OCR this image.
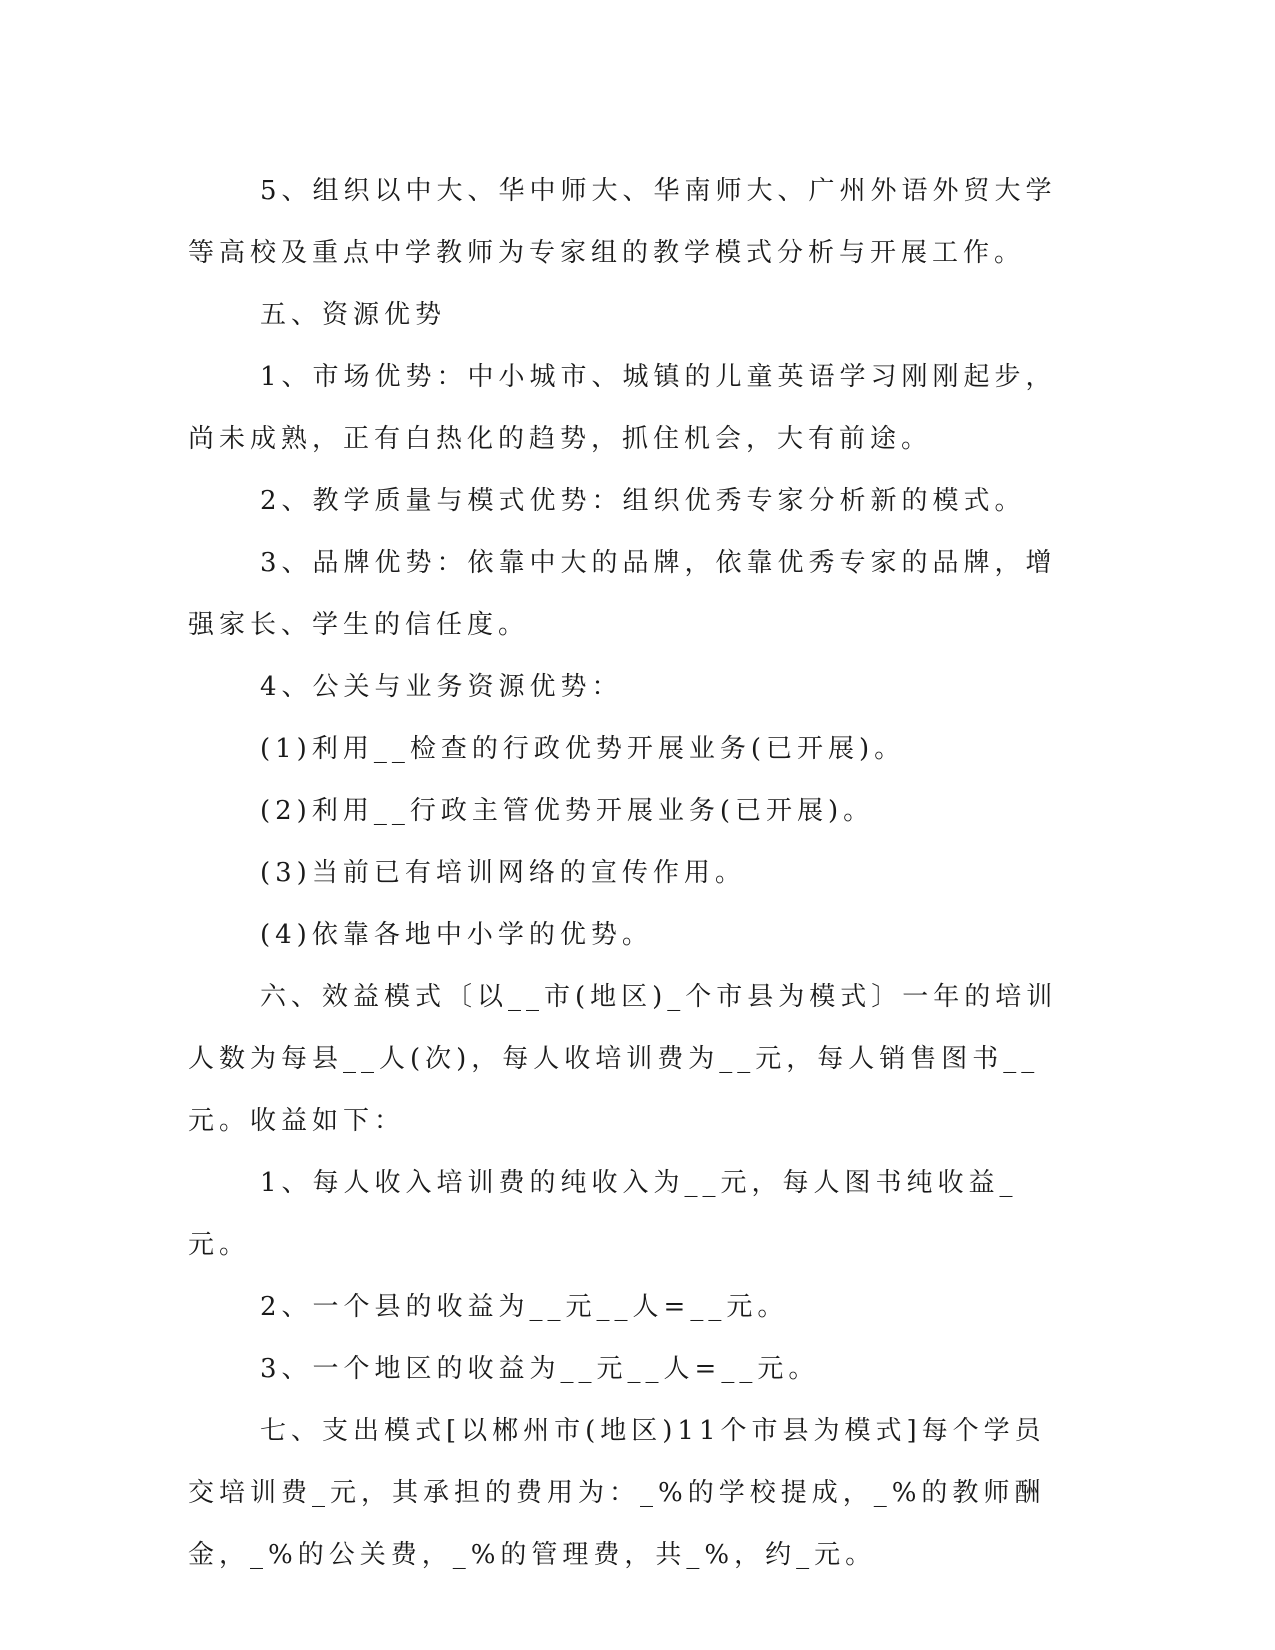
5、组织以中大、华中师大、华南师大、广州外语外贸大学等高校及重点中学教师为专家组的教学模式分析与开展工作。

五、资源优势

1、市场优势：中小城市、城镇的儿童英语学习刚刚起步，尚未成熟，正有白热化的趋势，抓住机会，大有前途。

2、教学质量与模式优势：组织优秀专家分析新的模式。

3、品牌优势：依靠中大的品牌，依靠优秀专家的品牌，增强家长、学生的信任度。

4、公关与业务资源优势：

(1)利用__检查的行政优势开展业务(已开展)。

(2)利用__行政主管优势开展业务(已开展)。

(3)当前已有培训网络的宣传作用。

(4)依靠各地中小学的优势。

六、效益模式〔以__市(地区)_个市县为模式〕一年的培训人数为每县__人(次)，每人收培训费为__元，每人销售图书__元。收益如下：

1、每人收入培训费的纯收入为__元，每人图书纯收益_元。

2、一个县的收益为__元__人=__元。

3、一个地区的收益为__元__人=__元。

七、支出模式[以郴州市(地区)11个市县为模式]每个学员交培训费_元，其承担的费用为：_%的学校提成，_%的教师酬金，_%的公关费，_%的管理费，共_%，约_元。
